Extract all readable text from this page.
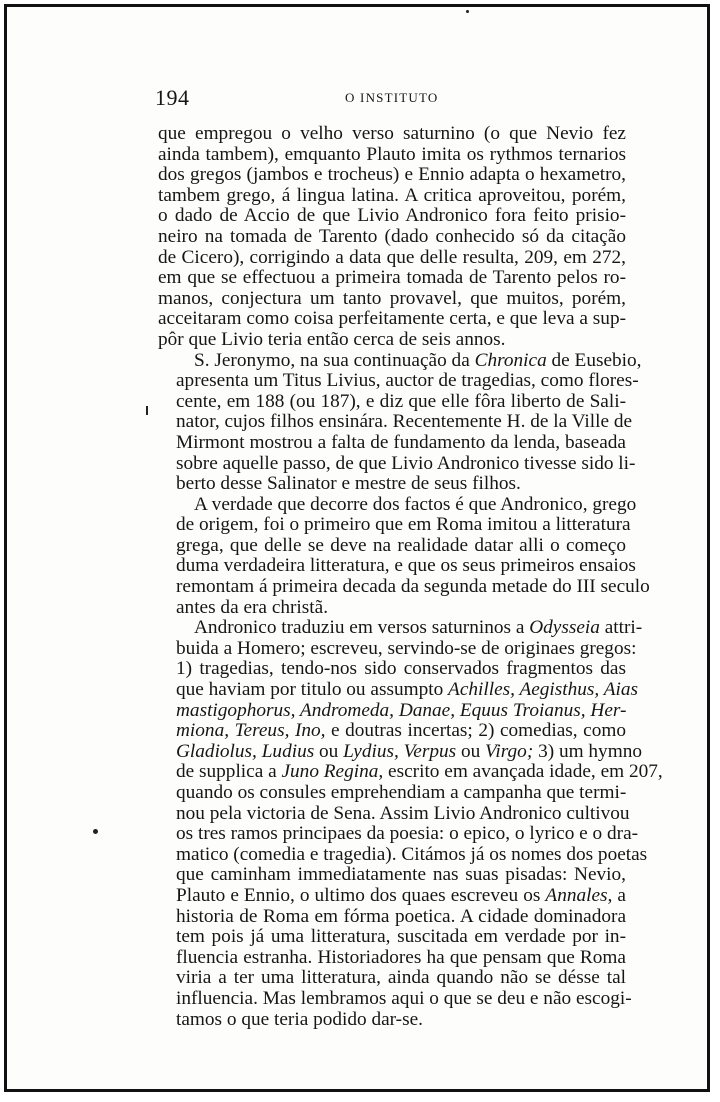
194	O INSTITUTO
que empregou o velho verso saturnino (o que Nevio fez
ainda tambem), emquanto Plauto imita os rythmos ternarios
dos gregos (jambos e trocheus) e Ennio adapta o hexametro,
tambem grego, á lingua latina. A critica aproveitou, porém,
o dado de Accio de que Livio Andronico fora feito prisio-
neiro na tomada de Tarento (dado conhecido só da citação
de Cicero), corrigindo a data que delle resulta, 209, em 272,
em que se effectuou a primeira tomada de Tarento pelos ro-
manos, conjectura um tanto provavel, que muitos, porém,
acceitaram como coisa perfeitamente certa, e que leva a sup-
pôr que Livio teria então cerca de seis annos.
S. Jeronymo, na sua continuação da Chronica de Eusebio,
apresenta um Titus Livius, auctor de tragedias, como flores-
cente, em 188 (ou 187), e diz que elle fôra liberto de Sali-
nator, cujos filhos ensinára. Recentemente H. de la Ville de
Mirmont mostrou a falta de fundamento da lenda, baseada
sobre aquelle passo, de que Livio Andronico tivesse sido li-
berto desse Salinator e mestre de seus filhos.
A verdade que decorre dos factos é que Andronico, grego
de origem, foi o primeiro que em Roma imitou a litteratura
grega, que delle se deve na realidade datar alli o começo
duma verdadeira litteratura, e que os seus primeiros ensaios
remontam á primeira decada da segunda metade do III seculo
antes da era christã.
Andronico traduziu em versos saturninos a Odysseia attri-
buida a Homero; escreveu, servindo-se de originaes gregos:
1) tragedias, tendo-nos sido conservados fragmentos das
que haviam por titulo ou assumpto Achilles, Aegisthus, Aias
mastigophorus, Andromeda, Danae, Equus Troianus, Her-
miona, Tereus, Ino, e doutras incertas; 2) comedias, como
Gladiolus, Ludius ou Lydius, Verpus ou Virgo; 3) um hymno
de supplica a Juno Regina, escrito em avançada idade, em 207,
quando os consules emprehendiam a campanha que termi-
nou pela victoria de Sena. Assim Livio Andronico cultivou
os tres ramos principaes da poesia: o epico, o lyrico e o dra-
matico (comedia e tragedia). Citámos já os nomes dos poetas
que caminham immediatamente nas suas pisadas: Nevio,
Plauto e Ennio, o ultimo dos quaes escreveu os Annales, a
historia de Roma em fórma poetica. A cidade dominadora
tem pois já uma litteratura, suscitada em verdade por in-
fluencia estranha. Historiadores ha que pensam que Roma
viria a ter uma litteratura, ainda quando não se désse tal
influencia. Mas lembramos aqui o que se deu e não escogi-
tamos o que teria podido dar-se.
